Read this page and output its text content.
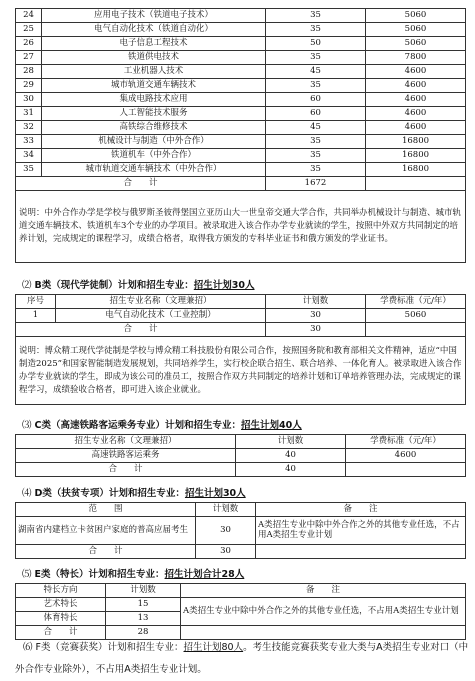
24	应用电子技术（铁道电子技术）	35	5060
25	电气自动化技术（铁道自动化）	35	5060
26	电子信息工程技术	50	5060
27	铁道供电技术	35	7800
28	工业机器人技术	45	4600
29	城市轨道交通车辆技术	35	4600
30	集成电路技术应用	60	4600
31	人工智能技术服务	60	4600
32	高铁综合维修技术	45	4600
33	机械设计与制造（中外合作）	35	16800
34	铁道机车（中外合作）	35	16800
35	城市轨道交通车辆技术（中外合作）	35	16800
合　　计		1672	
说明：中外合作办学是学校与俄罗斯圣彼得堡国立亚历山大一世皇帝交通大学合作，共同举办机械设计与制造、城市轨道交通车辆技术、铁道机车3个专业的办学项目。被录取进入该合作办学专业就读的学生，按照中外双方共同制定的培养计划，完成规定的课程学习，成绩合格者，取得我方颁发的专科毕业证书和俄方颁发的学业证书。			
⑵ B类（现代学徒制）计划和招生专业：招生计划30人
序号	招生专业名称（文理兼招）	计划数	学费标准（元/年）
1	电气自动化技术（工业控制）	30	5060
合　　计		30	
说明：博众精工现代学徒制是学校与博众精工科技股份有限公司合作，按照国务院和教育部相关文件精神，适应“中国制造2025”和国家智能制造发展规划，共同培养学生，实行校企联合招生、联合培养、一体化育人。被录取进入该合作办学专业就读的学生，即成为该公司的准员工，按照合作双方共同制定的培养计划和订单培养管理办法，完成规定的课程学习，成绩验收合格者，即可进入该企业就业。			
⑶ C类（高速铁路客运乘务专业）计划和招生专业：招生计划40人
招生专业名称（文理兼招）	计划数	学费标准（元/年）
高速铁路客运乘务	40	4600
合　　计	40	
⑷ D类（扶贫专项）计划和招生专业：招生计划30人
范　　围	计划数	备　　注
湖南省内建档立卡贫困户家庭的普高应届考生	30	A类招生专业中除中外合作之外的其他专业任选，不占用A类招生专业计划
合　　计	30	
⑸ E类（特长）计划和招生专业：招生计划合计28人
特长方向	计划数	备　　注
艺术特长	15	A类招生专业中除中外合作之外的其他专业任选，不占用A类招生专业计划
体育特长	13	
合　　计	28	
⑹ F类（竞赛获奖）计划和招生专业：招生计划80人。考生技能竞赛获奖专业大类与A类招生专业对口（中外合作专业除外），不占用A类招生专业计划。
